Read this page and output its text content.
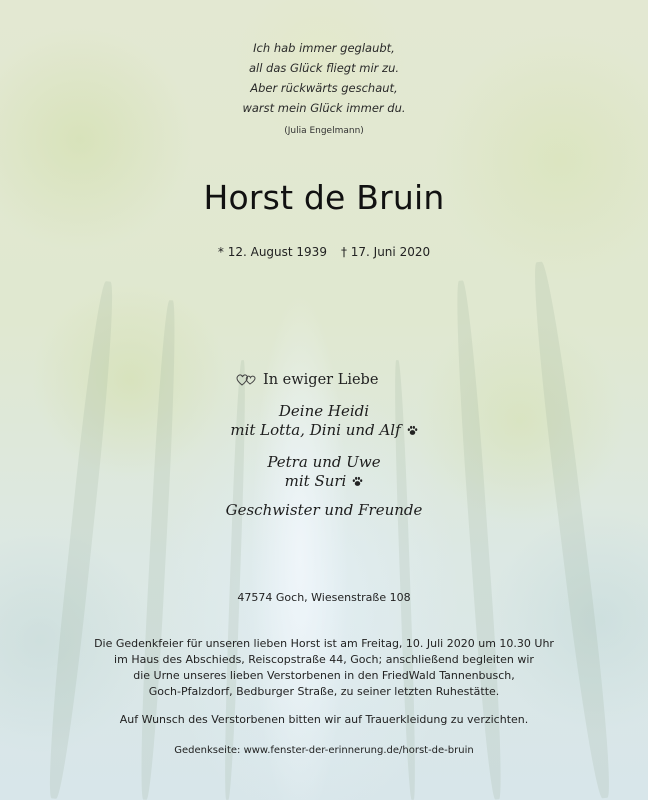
Ich hab immer geglaubt,
all das Glück fliegt mir zu.
Aber rückwärts geschaut,
warst mein Glück immer du.
(Julia Engelmann)
Horst de Bruin
* 12. August 1939 † 17. Juni 2020
In ewiger Liebe
Deine Heidi
mit Lotta, Dini und Alf
Petra und Uwe
mit Suri
Geschwister und Freunde
47574 Goch, Wiesenstraße 108
Die Gedenkfeier für unseren lieben Horst ist am Freitag, 10. Juli 2020 um 10.30 Uhr
im Haus des Abschieds, Reiscopstraße 44, Goch; anschließend begleiten wir
die Urne unseres lieben Verstorbenen in den FriedWald Tannenbusch,
Goch-Pfalzdorf, Bedburger Straße, zu seiner letzten Ruhestätte.
Auf Wunsch des Verstorbenen bitten wir auf Trauerkleidung zu verzichten.
Gedenkseite: www.fenster-der-erinnerung.de/horst-de-bruin
